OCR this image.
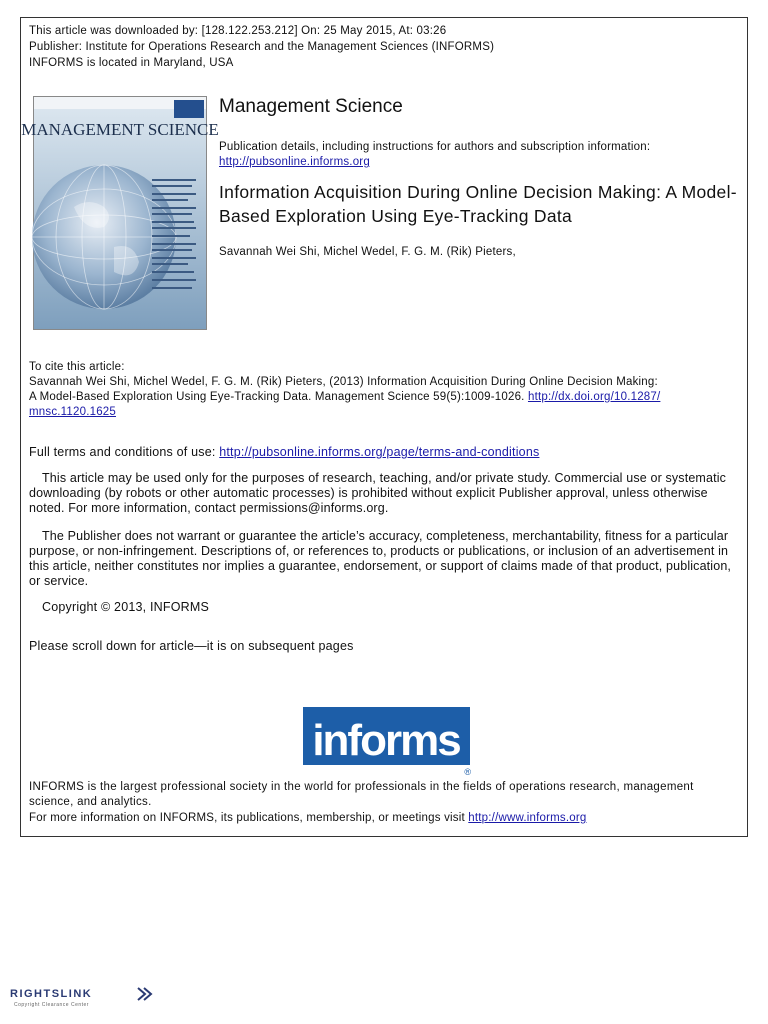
This article was downloaded by: [128.122.253.212] On: 25 May 2015, At: 03:26
Publisher: Institute for Operations Research and the Management Sciences (INFORMS)
INFORMS is located in Maryland, USA
MANAGEMENT SCIENCE
Management Science
Publication details, including instructions for authors and subscription information:
http://pubsonline.informs.org
Information Acquisition During Online Decision Making: A Model-Based Exploration Using Eye-Tracking Data
Savannah Wei Shi, Michel Wedel, F. G. M. (Rik) Pieters,
To cite this article:
Savannah Wei Shi, Michel Wedel, F. G. M. (Rik) Pieters, (2013) Information Acquisition During Online Decision Making:
A Model-Based Exploration Using Eye-Tracking Data. Management Science 59(5):1009-1026. http://dx.doi.org/10.1287/
mnsc.1120.1625
Full terms and conditions of use: http://pubsonline.informs.org/page/terms-and-conditions
This article may be used only for the purposes of research, teaching, and/or private study. Commercial use or systematic downloading (by robots or other automatic processes) is prohibited without explicit Publisher approval, unless otherwise noted. For more information, contact permissions@informs.org.
The Publisher does not warrant or guarantee the article’s accuracy, completeness, merchantability, fitness for a particular purpose, or non-infringement. Descriptions of, or references to, products or publications, or inclusion of an advertisement in this article, neither constitutes nor implies a guarantee, endorsement, or support of claims made of that product, publication, or service.
Copyright © 2013, INFORMS
Please scroll down for article—it is on subsequent pages
informs
®
INFORMS is the largest professional society in the world for professionals in the fields of operations research, management science, and analytics.
For more information on INFORMS, its publications, membership, or meetings visit http://www.informs.org
RIGHTSLINK
Copyright Clearance Center
